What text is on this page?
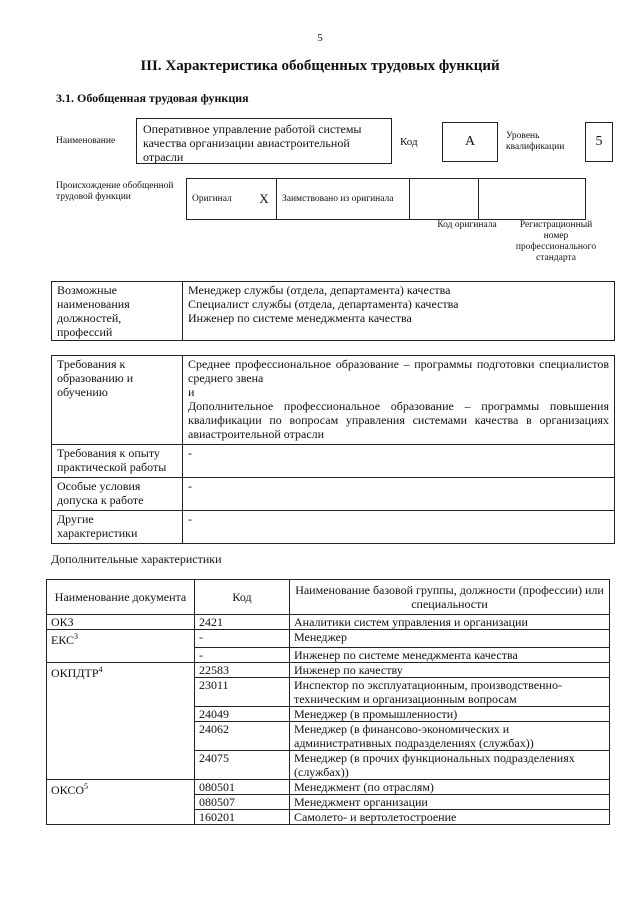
5
III. Характеристика обобщенных трудовых функций
3.1. Обобщенная трудовая функция
Наименование
Оперативное управление работой системы качества организации авиастроительной отрасли
Код	А	Уровень квалификации	5
Происхождение обобщенной трудовой функции	Оригинал	Х	Заимствовано из оригинала		
Код оригинала	Регистрационный номер профессионального стандарта
Возможные наименования должностей, профессий	
Менеджер службы (отдела, департамента) качества
Специалист службы (отдела, департамента) качества
Инженер по системе менеджмента качества
Требования к образованию и обучению	Среднее профессиональное образование – программы подготовки специалистов среднего звена
и
Дополнительное профессиональное образование – программы повышения квалификации по вопросам управления системами качества в организациях авиастроительной отрасли

Требования к опыту практической работы	-
Особые условия допуска к работе	-
Другие характеристики	-
Дополнительные характеристики
Наименование документа	Код	Наименование базовой группы, должности (профессии) или специальности
ОКЗ	2421	Аналитики систем управления и организации
ЕКС$^3$	-	Менеджер
	-	Инженер по системе менеджмента качества
ОКПДТР$^4$	22583	Инженер по качеству
	23011	Инспектор по эксплуатационным, производственно-техническим и организационным вопросам
	24049	Менеджер (в промышленности)
	24062	Менеджер (в финансово-экономических и административных подразделениях (службах))
	24075	Менеджер (в прочих функциональных подразделениях (службах))
ОКСО$^5$	080501	Менеджмент (по отраслям)
	080507	Менеджмент организации
	160201	Самолето- и вертолетостроение
